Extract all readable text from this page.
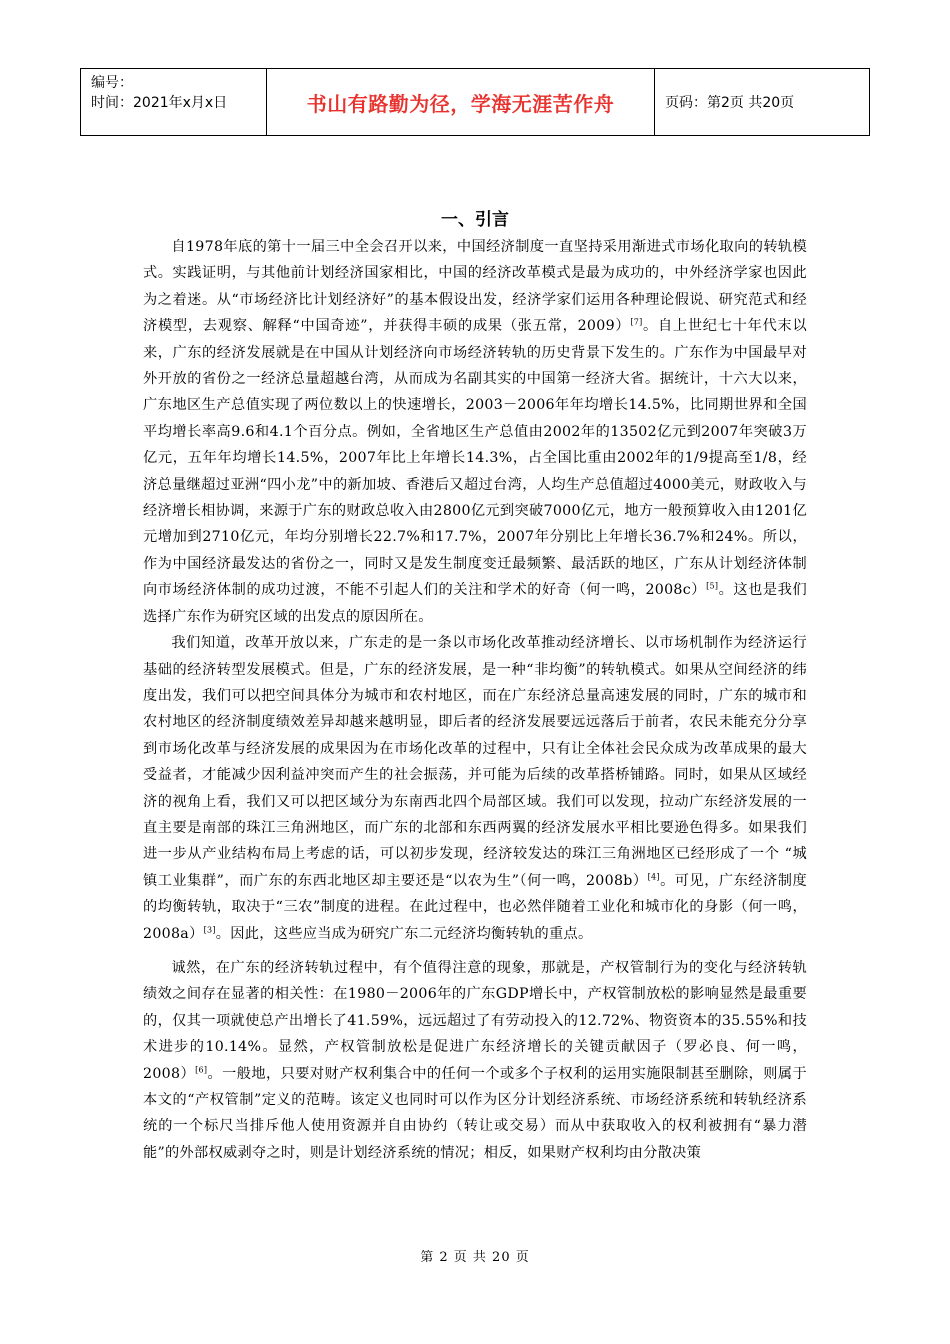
编号：
时间：2021年x月x日	书山有路勤为径，学海无涯苦作舟	页码：第2页 共20页
一、引言

自1978年底的第十一届三中全会召开以来，中国经济制度一直坚持采用渐进式市场化取向的转轨模式。实践证明，与其他前计划经济国家相比，中国的经济改革模式是最为成功的，中外经济学家也因此为之着迷。从“市场经济比计划经济好”的基本假设出发，经济学家们运用各种理论假说、研究范式和经济模型，去观察、解释“中国奇迹”，并获得丰硕的成果（张五常，2009）[7]。自上世纪七十年代末以来，广东的经济发展就是在中国从计划经济向市场经济转轨的历史背景下发生的。广东作为中国最早对外开放的省份之一经济总量超越台湾，从而成为名副其实的中国第一经济大省。据统计，十六大以来，广东地区生产总值实现了两位数以上的快速增长，2003－2006年年均增长14.5%，比同期世界和全国平均增长率高9.6和4.1个百分点。例如，全省地区生产总值由2002年的13502亿元到2007年突破3万亿元，五年年均增长14.5%，2007年比上年增长14.3%，占全国比重由2002年的1/9提高至1/8，经济总量继超过亚洲“四小龙”中的新加坡、香港后又超过台湾，人均生产总值超过4000美元，财政收入与经济增长相协调，来源于广东的财政总收入由2800亿元到突破7000亿元，地方一般预算收入由1201亿元增加到2710亿元，年均分别增长22.7%和17.7%，2007年分别比上年增长36.7%和24%。所以，作为中国经济最发达的省份之一，同时又是发生制度变迁最频繁、最活跃的地区，广东从计划经济体制向市场经济体制的成功过渡，不能不引起人们的关注和学术的好奇（何一鸣，2008c）[5]。这也是我们选择广东作为研究区域的出发点的原因所在。

我们知道，改革开放以来，广东走的是一条以市场化改革推动经济增长、以市场机制作为经济运行基础的经济转型发展模式。但是，广东的经济发展，是一种“非均衡”的转轨模式。如果从空间经济的纬度出发，我们可以把空间具体分为城市和农村地区，而在广东经济总量高速发展的同时，广东的城市和农村地区的经济制度绩效差异却越来越明显，即后者的经济发展要远远落后于前者，农民未能充分分享到市场化改革与经济发展的成果因为在市场化改革的过程中，只有让全体社会民众成为改革成果的最大受益者，才能减少因利益冲突而产生的社会振荡，并可能为后续的改革搭桥铺路。同时，如果从区域经济的视角上看，我们又可以把区域分为东南西北四个局部区域。我们可以发现，拉动广东经济发展的一直主要是南部的珠江三角洲地区，而广东的北部和东西两翼的经济发展水平相比要逊色得多。如果我们进一步从产业结构布局上考虑的话，可以初步发现，经济较发达的珠江三角洲地区已经形成了一个 “城镇工业集群”，而广东的东西北地区却主要还是“以农为生”（何一鸣，2008b）[4]。可见，广东经济制度的均衡转轨，取决于“三农”制度的进程。在此过程中，也必然伴随着工业化和城市化的身影（何一鸣，2008a）[3]。因此，这些应当成为研究广东二元经济均衡转轨的重点。

诚然，在广东的经济转轨过程中，有个值得注意的现象，那就是，产权管制行为的变化与经济转轨绩效之间存在显著的相关性：在1980－2006年的广东GDP增长中，产权管制放松的影响显然是最重要的，仅其一项就使总产出增长了41.59%，远远超过了有劳动投入的12.72%、物资资本的35.55%和技术进步的10.14%。显然，产权管制放松是促进广东经济增长的关键贡献因子（罗必良、何一鸣，2008）[6]。一般地，只要对财产权利集合中的任何一个或多个子权利的运用实施限制甚至删除，则属于本文的“产权管制”定义的范畴。该定义也同时可以作为区分计划经济系统、市场经济系统和转轨经济系统的一个标尺当排斥他人使用资源并自由协约（转让或交易）而从中获取收入的权利被拥有“暴力潜能”的外部权威剥夺之时，则是计划经济系统的情况；相反，如果财产权利均由分散决策

第 2 页 共 20 页
